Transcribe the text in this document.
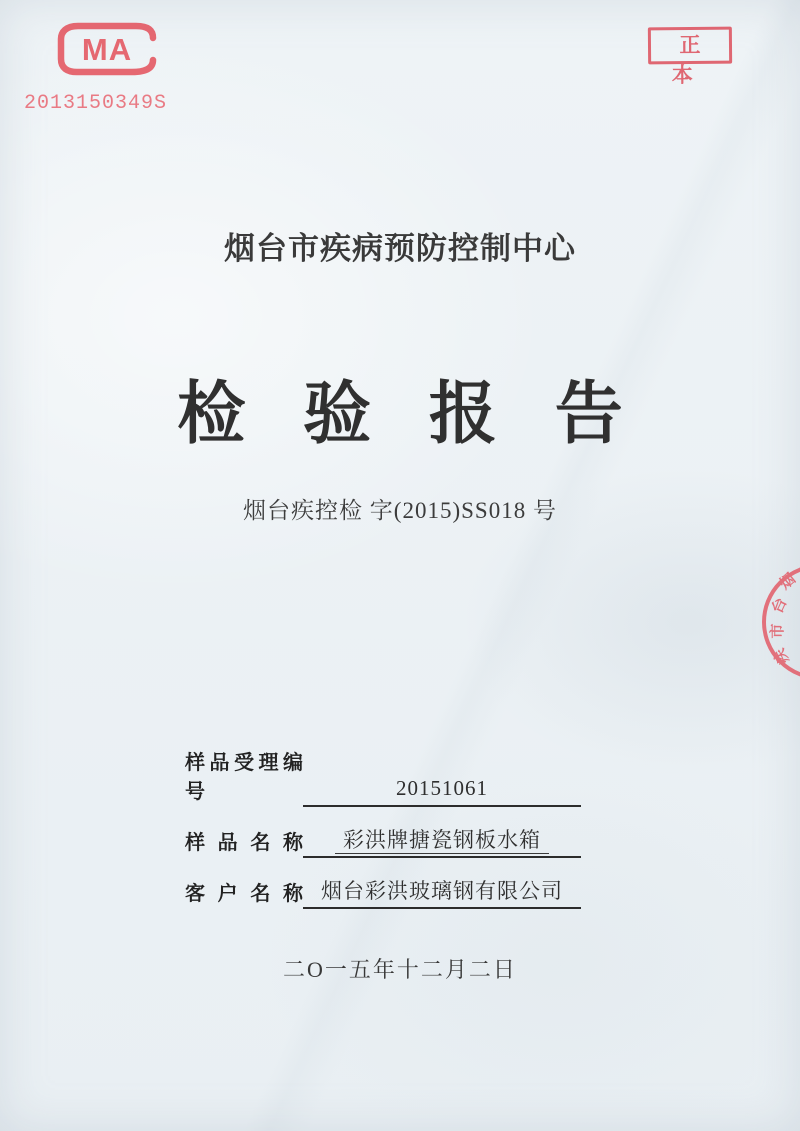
MA
2013150349S
正本
烟台市疾病预防控制中心
检验报告
烟台疾控检 字(2015)SS018 号
烟
台
市
疾
样品受理编号	20151061
样品名称	彩洪牌搪瓷钢板水箱
客户名称 烟台彩洪玻璃钢有限公司
二O一五年十二月二日
